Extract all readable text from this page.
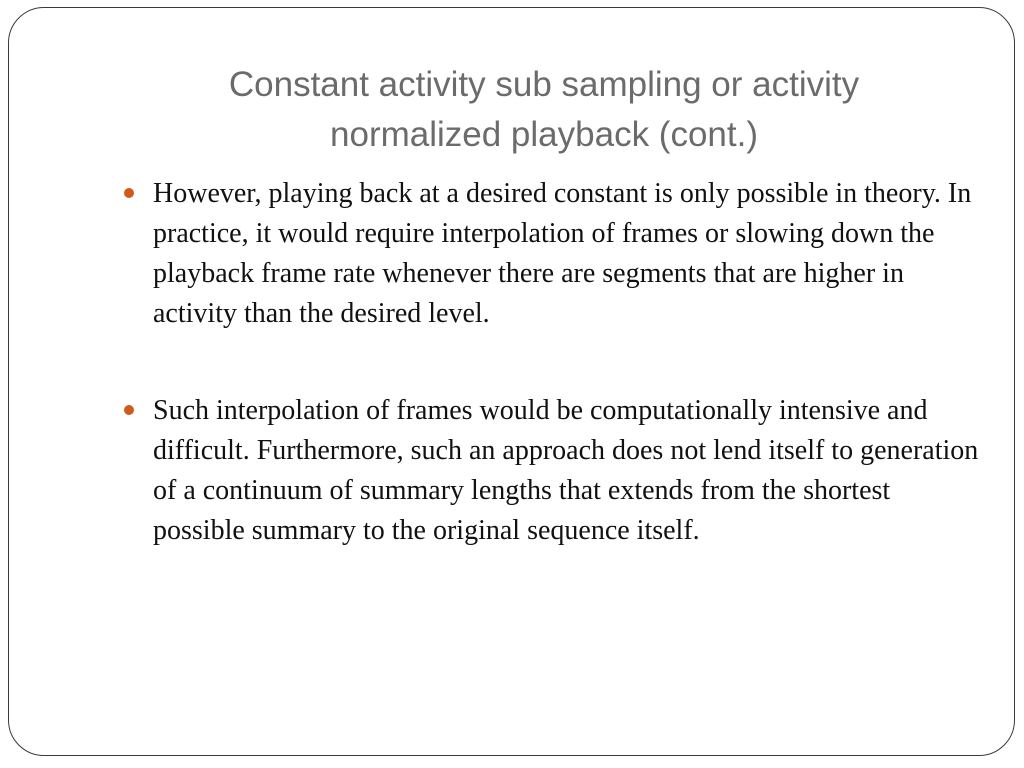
Constant activity sub sampling or activity normalized playback (cont.)
However, playing back at a desired constant is only possible in theory. In practice, it would require interpolation of frames or slowing down the playback frame rate whenever there are segments that are higher in activity than the desired level.
Such interpolation of frames would be computationally intensive and difficult. Furthermore, such an approach does not lend itself to generation of a continuum of summary lengths that extends from the shortest possible summary to the original sequence itself.
